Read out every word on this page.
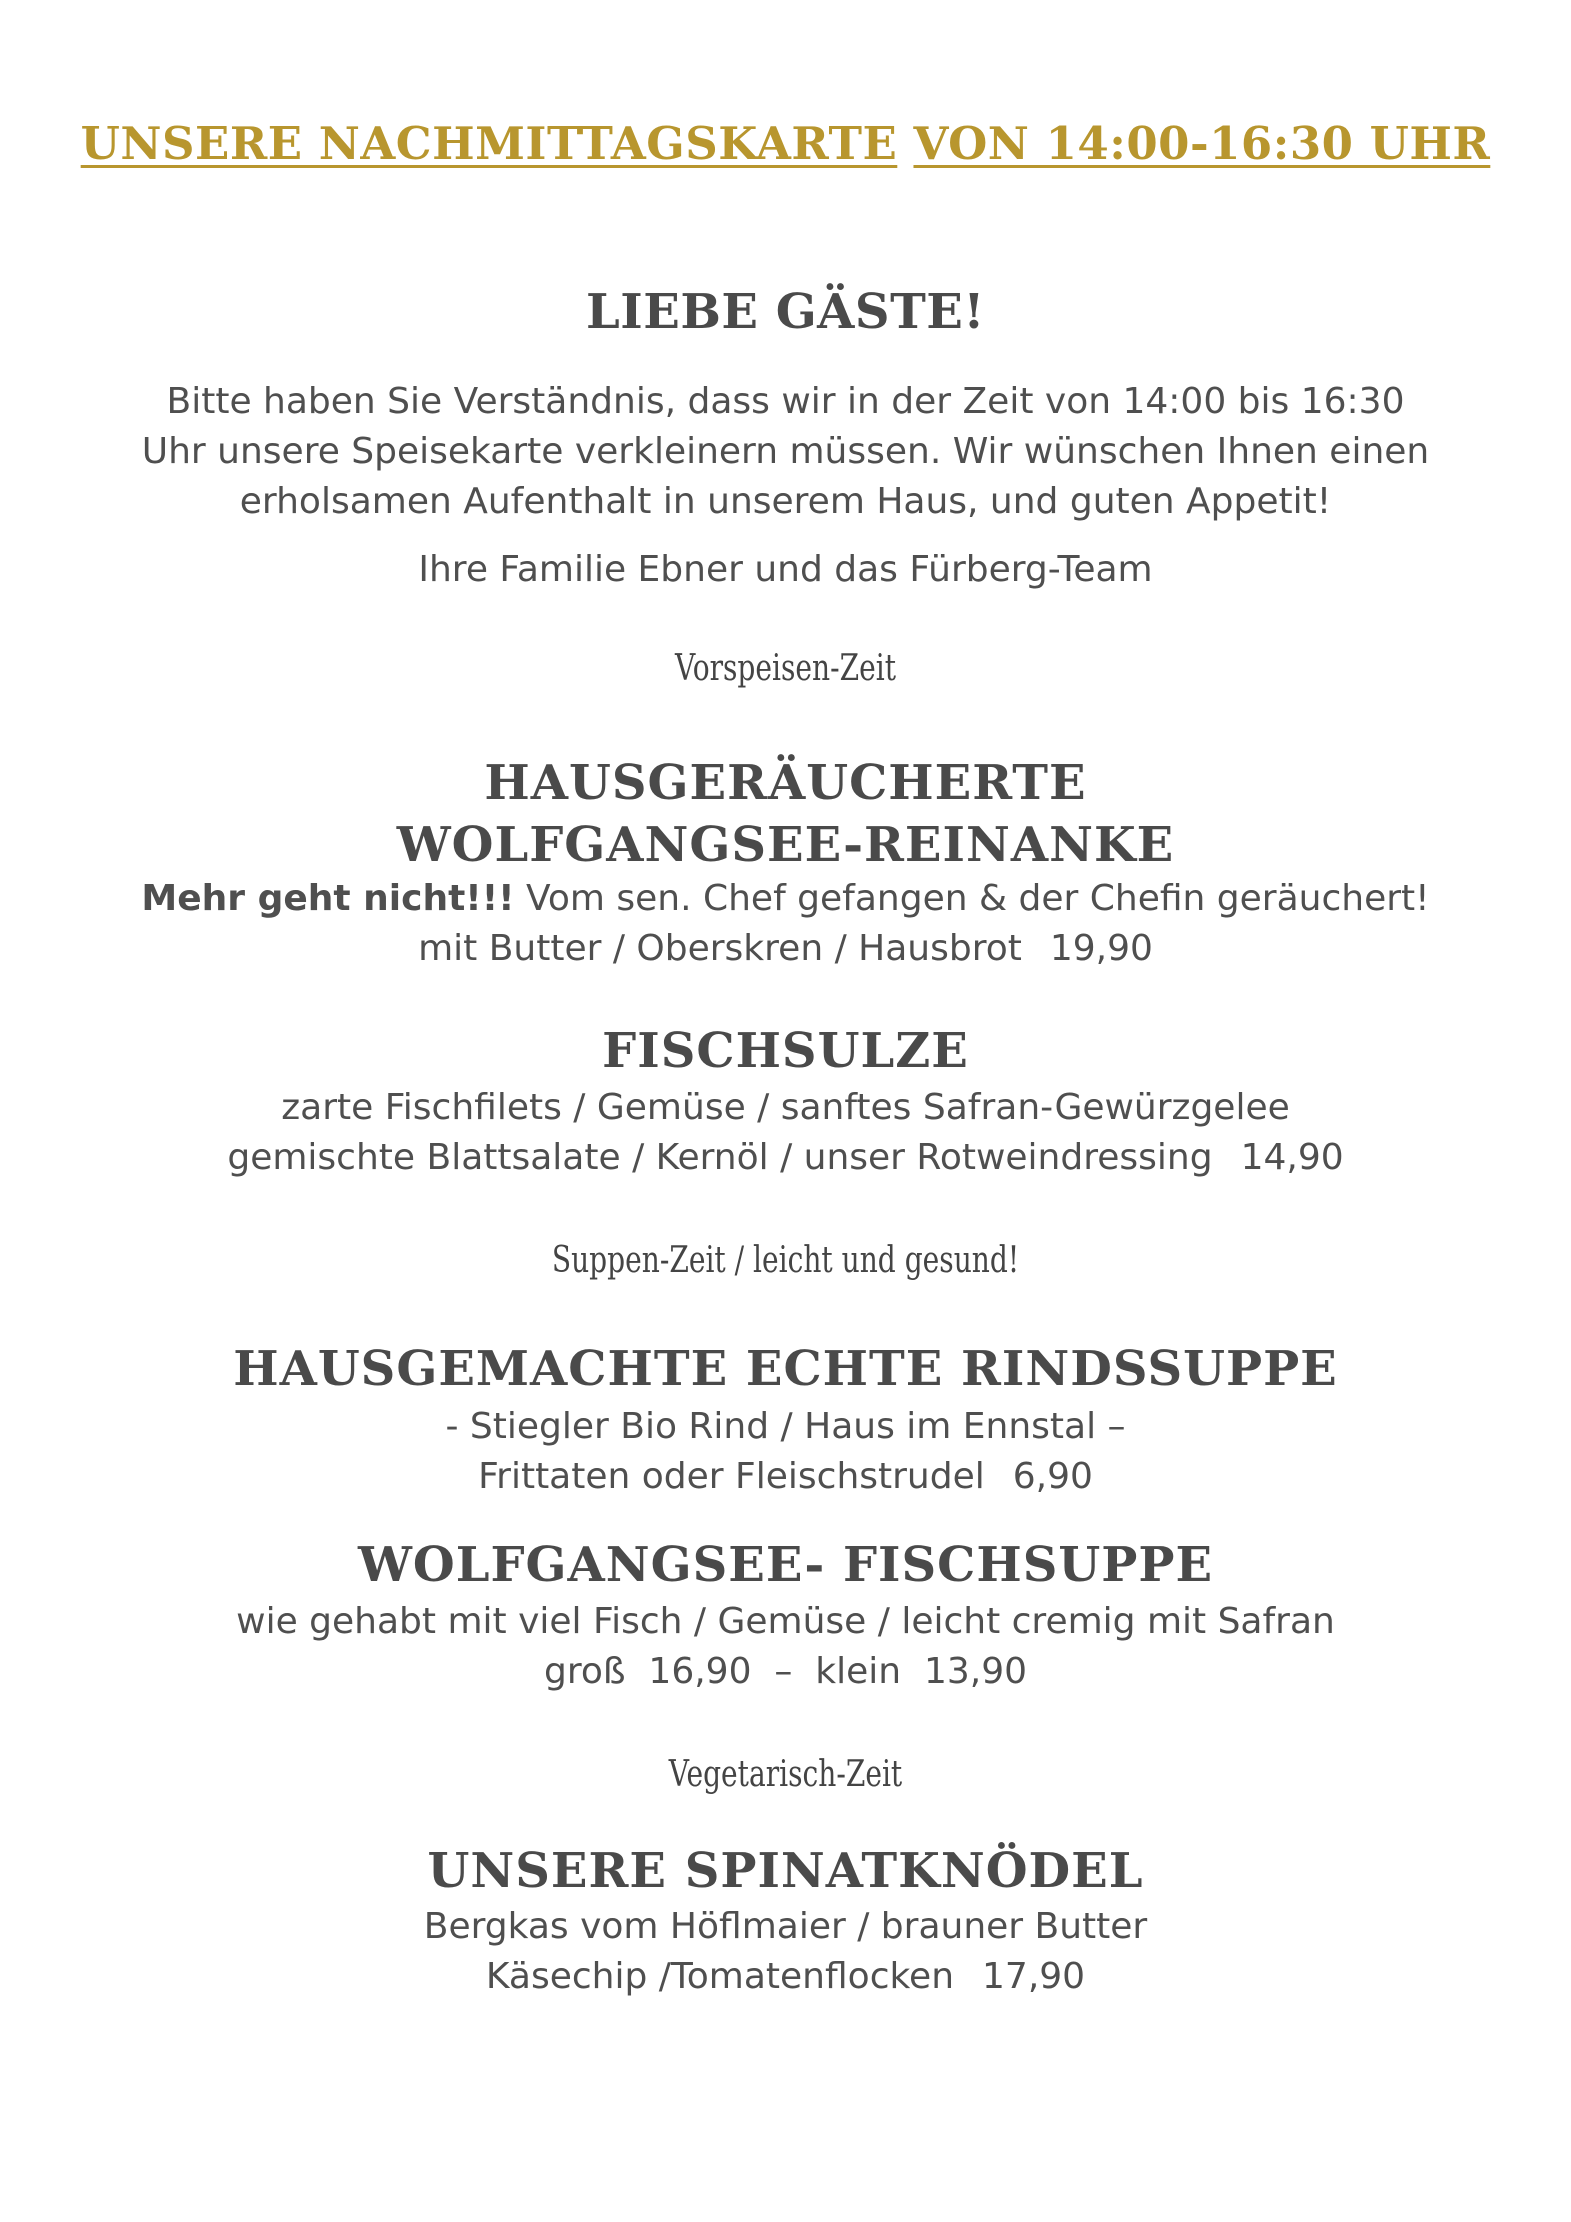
UNSERE NACHMITTAGSKARTE VON 14:00-16:30 UHR
LIEBE GÄSTE!
Bitte haben Sie Verständnis, dass wir in der Zeit von 14:00 bis 16:30
Uhr unsere Speisekarte verkleinern müssen. Wir wünschen Ihnen einen
erholsamen Aufenthalt in unserem Haus, und guten Appetit!
Ihre Familie Ebner und das Fürberg-Team
Vorspeisen-Zeit
HAUSGERÄUCHERTE
WOLFGANGSEE-REINANKE
Mehr geht nicht!!! Vom sen. Chef gefangen & der Chefin geräuchert!
mit Butter / Oberskren / Hausbrot 19,90
FISCHSULZE
zarte Fischfilets / Gemüse / sanftes Safran-Gewürzgelee
gemischte Blattsalate / Kernöl / unser Rotweindressing 14,90
Suppen-Zeit / leicht und gesund!
HAUSGEMACHTE ECHTE RINDSSUPPE
- Stiegler Bio Rind / Haus im Ennstal –
Frittaten oder Fleischstrudel 6,90
WOLFGANGSEE- FISCHSUPPE
wie gehabt mit viel Fisch / Gemüse / leicht cremig mit Safran
groß  16,90  –  klein  13,90
Vegetarisch-Zeit
UNSERE SPINATKNÖDEL
Bergkas vom Höflmaier / brauner Butter
Käsechip /Tomatenflocken 17,90
